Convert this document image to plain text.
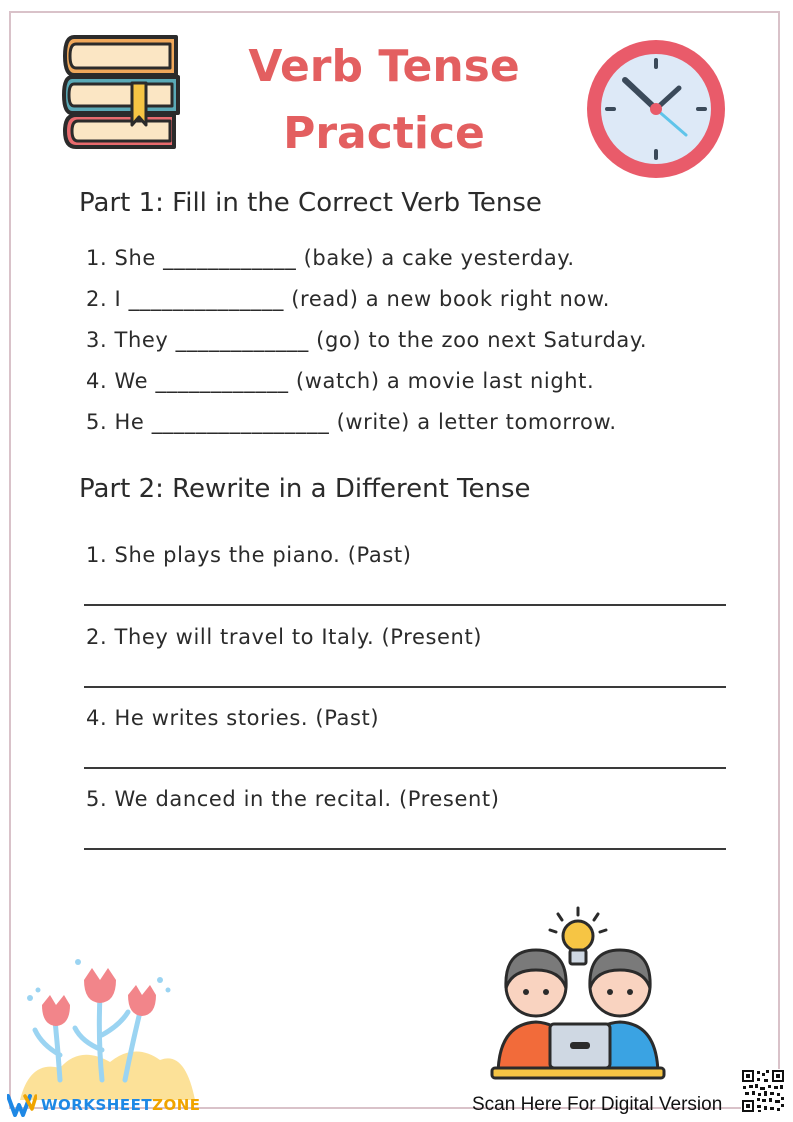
Verb Tense
Practice
Part 1: Fill in the Correct Verb Tense

1. She ____________ (bake) a cake yesterday.

2. I ______________ (read) a new book right now.

3. They ____________ (go) to the zoo next Saturday.

4. We ____________ (watch) a movie last night.

5. He ________________ (write) a letter tomorrow.

Part 2: Rewrite in a Different Tense

1. She plays the piano. (Past)

2. They will travel to Italy. (Present)

4. He writes stories. (Past)

5. We danced in the recital. (Present)

WORKSHEETZONE	Scan Here For Digital Version
